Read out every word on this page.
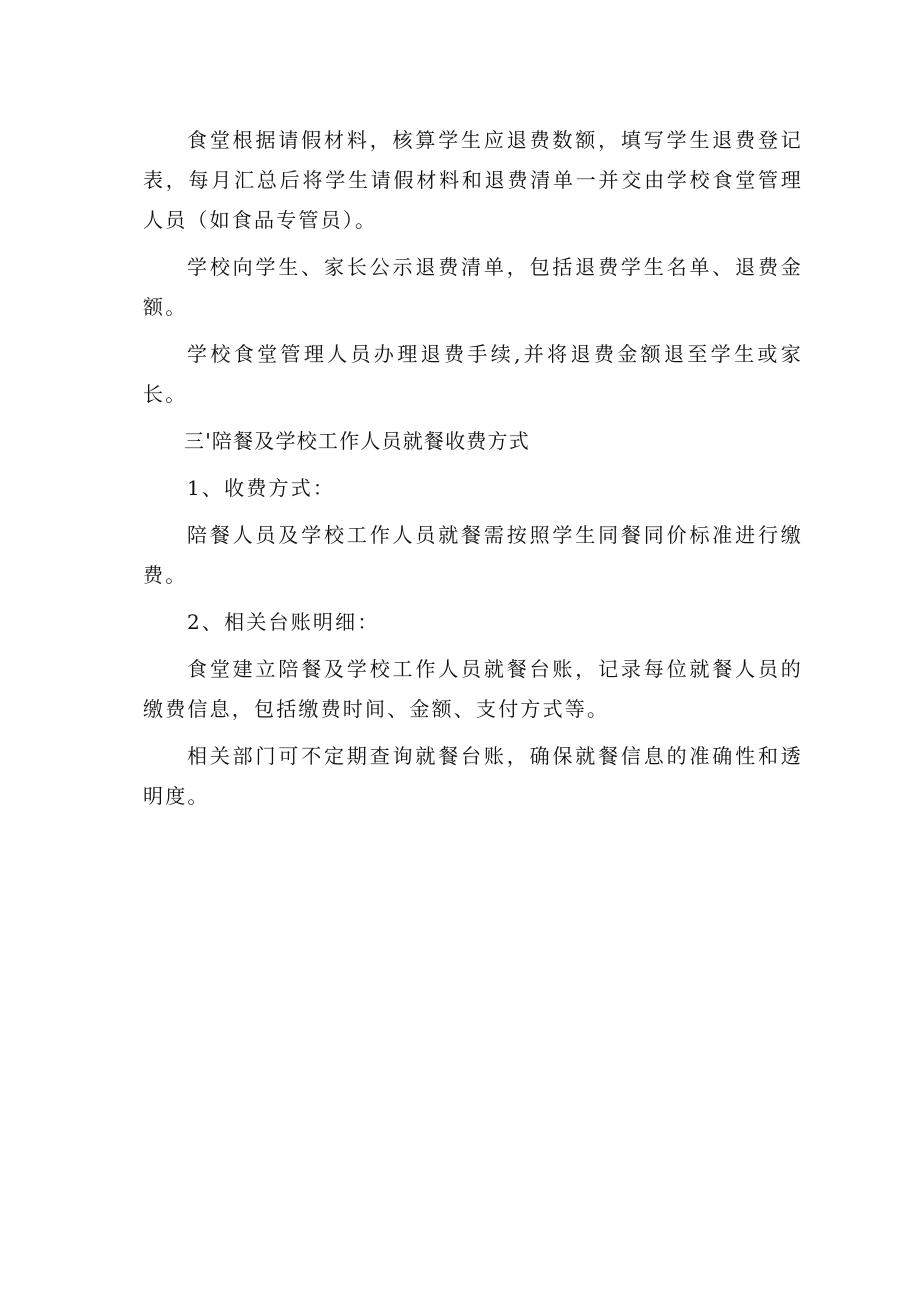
食堂根据请假材料，核算学生应退费数额，填写学生退费登记表，每月汇总后将学生请假材料和退费清单一并交由学校食堂管理人员（如食品专管员）。

学校向学生、家长公示退费清单，包括退费学生名单、退费金额。

学校食堂管理人员办理退费手续,并将退费金额退至学生或家长。

三'陪餐及学校工作人员就餐收费方式
1、收费方式：

陪餐人员及学校工作人员就餐需按照学生同餐同价标准进行缴费。

2、相关台账明细：

食堂建立陪餐及学校工作人员就餐台账，记录每位就餐人员的缴费信息，包括缴费时间、金额、支付方式等。

相关部门可不定期查询就餐台账，确保就餐信息的准确性和透明度。
